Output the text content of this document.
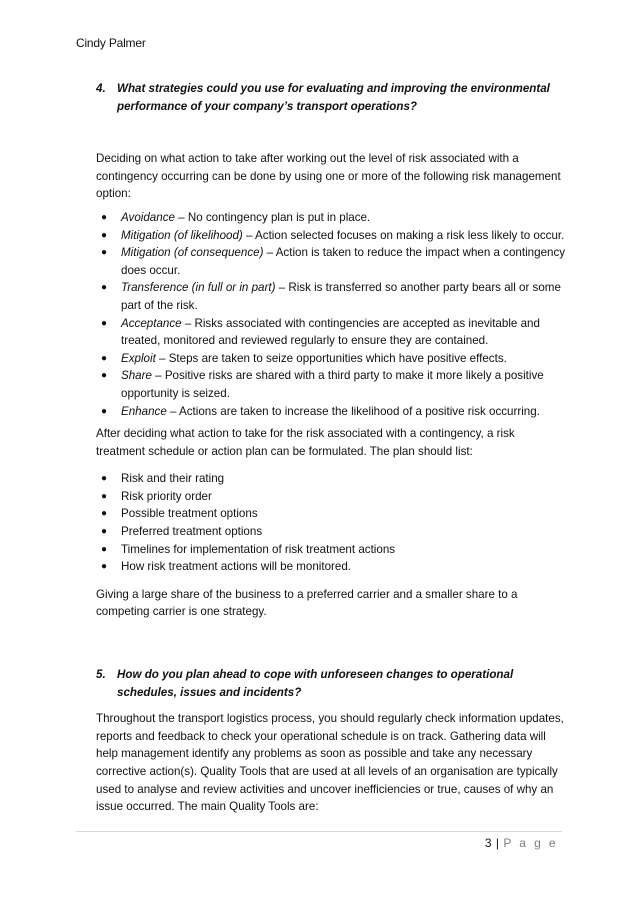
Cindy Palmer
4. What strategies could you use for evaluating and improving the environmental performance of your company’s transport operations?

Deciding on what action to take after working out the level of risk associated with a contingency occurring can be done by using one or more of the following risk management option:

● Avoidance – No contingency plan is put in place.
● Mitigation (of likelihood) – Action selected focuses on making a risk less likely to occur.
● Mitigation (of consequence) – Action is taken to reduce the impact when a contingency does occur.
● Transference (in full or in part) – Risk is transferred so another party bears all or some part of the risk.
● Acceptance – Risks associated with contingencies are accepted as inevitable and treated, monitored and reviewed regularly to ensure they are contained.
● Exploit – Steps are taken to seize opportunities which have positive effects.
● Share – Positive risks are shared with a third party to make it more likely a positive opportunity is seized.
● Enhance – Actions are taken to increase the likelihood of a positive risk occurring.

After deciding what action to take for the risk associated with a contingency, a risk treatment schedule or action plan can be formulated. The plan should list:

● Risk and their rating
● Risk priority order
● Possible treatment options
● Preferred treatment options
● Timelines for implementation of risk treatment actions
● How risk treatment actions will be monitored.

Giving a large share of the business to a preferred carrier and a smaller share to a competing carrier is one strategy.

5. How do you plan ahead to cope with unforeseen changes to operational schedules, issues and incidents?

Throughout the transport logistics process, you should regularly check information updates, reports and feedback to check your operational schedule is on track. Gathering data will help management identify any problems as soon as possible and take any necessary corrective action(s). Quality Tools that are used at all levels of an organisation are typically used to analyse and review activities and uncover inefficiencies or true, causes of why an issue occurred. The main Quality Tools are:

3 | P a g e
